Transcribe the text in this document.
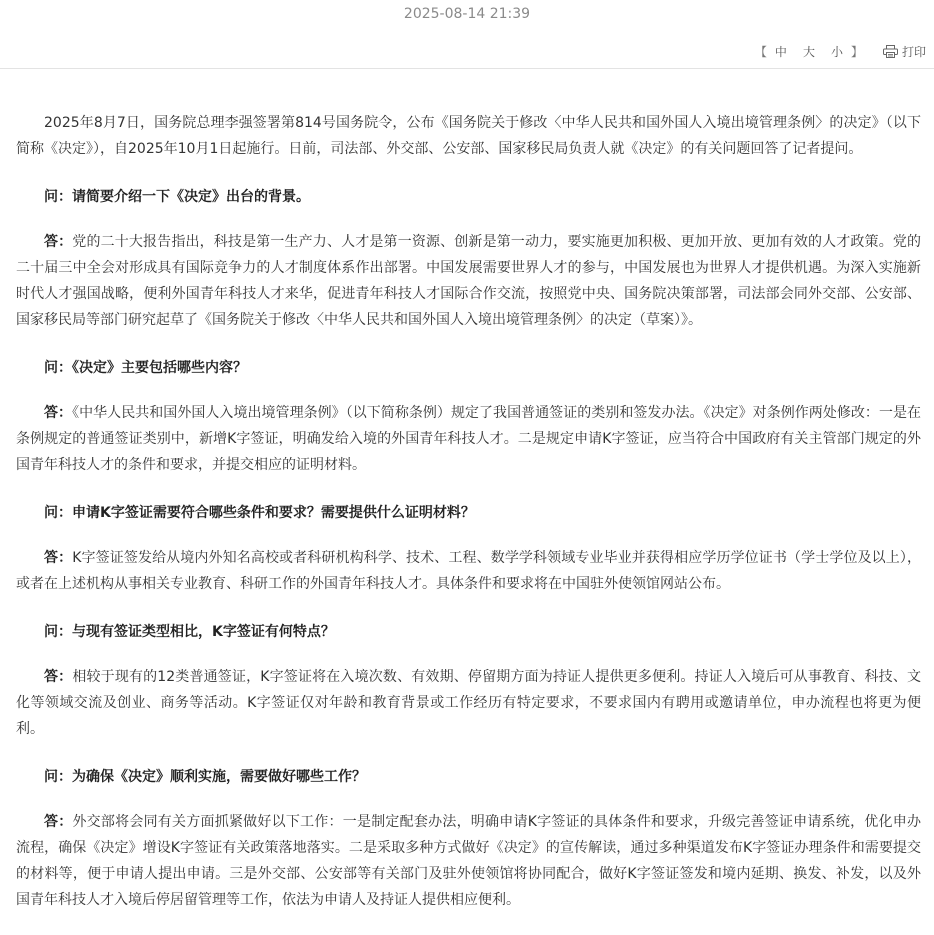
2025-08-14 21:39
【 中 大 小 】	打印

2025年8月7日，国务院总理李强签署第814号国务院令，公布《国务院关于修改〈中华人民共和国外国人入境出境管理条例〉的决定》（以下简称《决定》），自2025年10月1日起施行。日前，司法部、外交部、公安部、国家移民局负责人就《决定》的有关问题回答了记者提问。

问：请简要介绍一下《决定》出台的背景。

答：党的二十大报告指出，科技是第一生产力、人才是第一资源、创新是第一动力，要实施更加积极、更加开放、更加有效的人才政策。党的二十届三中全会对形成具有国际竞争力的人才制度体系作出部署。中国发展需要世界人才的参与，中国发展也为世界人才提供机遇。为深入实施新时代人才强国战略，便利外国青年科技人才来华，促进青年科技人才国际合作交流，按照党中央、国务院决策部署，司法部会同外交部、公安部、国家移民局等部门研究起草了《国务院关于修改〈中华人民共和国外国人入境出境管理条例〉的决定（草案）》。

问：《决定》主要包括哪些内容？

答：《中华人民共和国外国人入境出境管理条例》（以下简称条例）规定了我国普通签证的类别和签发办法。《决定》对条例作两处修改：一是在条例规定的普通签证类别中，新增K字签证，明确发给入境的外国青年科技人才。二是规定申请K字签证，应当符合中国政府有关主管部门规定的外国青年科技人才的条件和要求，并提交相应的证明材料。

问：申请K字签证需要符合哪些条件和要求？需要提供什么证明材料？

答：K字签证签发给从境内外知名高校或者科研机构科学、技术、工程、数学学科领域专业毕业并获得相应学历学位证书（学士学位及以上），或者在上述机构从事相关专业教育、科研工作的外国青年科技人才。具体条件和要求将在中国驻外使领馆网站公布。

问：与现有签证类型相比，K字签证有何特点？

答：相较于现有的12类普通签证，K字签证将在入境次数、有效期、停留期方面为持证人提供更多便利。持证人入境后可从事教育、科技、文化等领域交流及创业、商务等活动。K字签证仅对年龄和教育背景或工作经历有特定要求，不要求国内有聘用或邀请单位，申办流程也将更为便利。

问：为确保《决定》顺利实施，需要做好哪些工作？

答：外交部将会同有关方面抓紧做好以下工作：一是制定配套办法，明确申请K字签证的具体条件和要求，升级完善签证申请系统，优化申办流程，确保《决定》增设K字签证有关政策落地落实。二是采取多种方式做好《决定》的宣传解读，通过多种渠道发布K字签证办理条件和需要提交的材料等，便于申请人提出申请。三是外交部、公安部等有关部门及驻外使领馆将协同配合，做好K字签证签发和境内延期、换发、补发，以及外国青年科技人才入境后停居留管理等工作，依法为申请人及持证人提供相应便利。
